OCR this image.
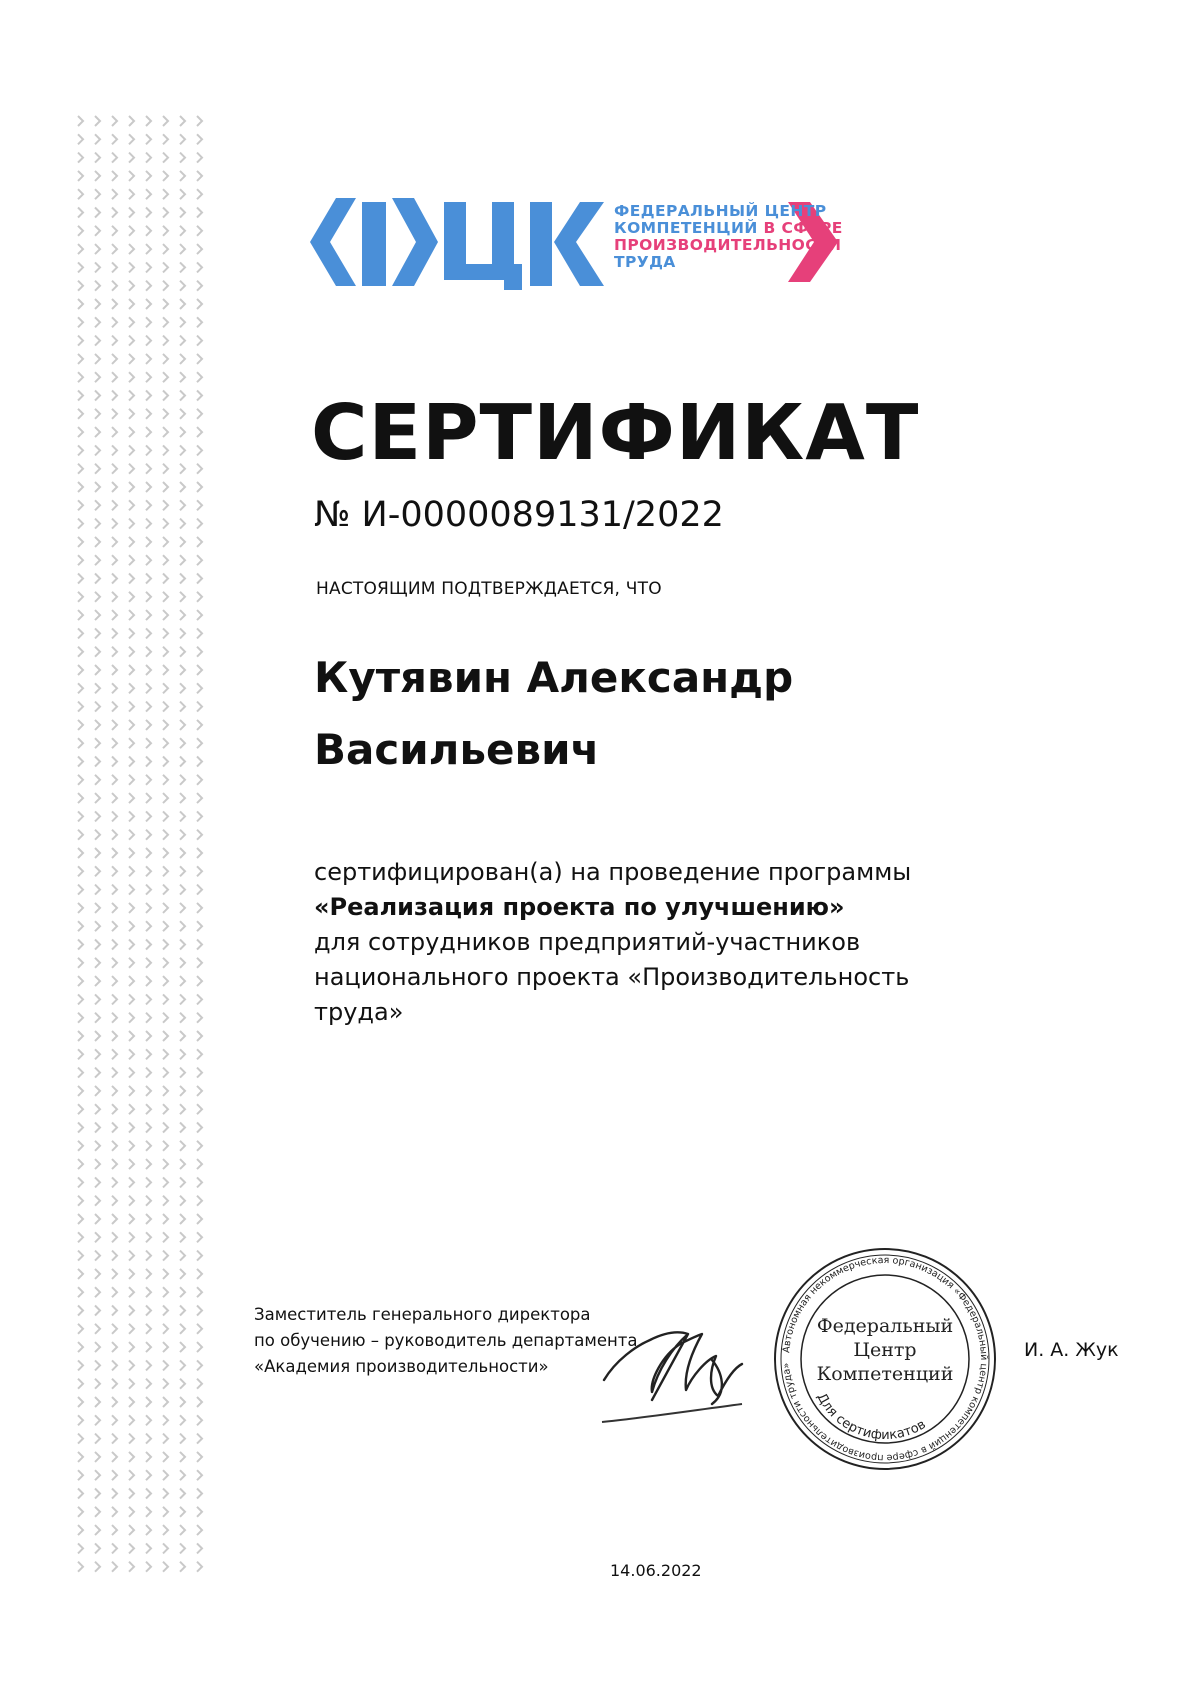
ФЕДЕРАЛЬНЫЙ ЦЕНТР
КОМПЕТЕНЦИЙ В СФЕРЕ
ПРОИЗВОДИТЕЛЬНОСТИ
ТРУДА
СЕРТИФИКАТ
№ И-0000089131/2022
НАСТОЯЩИМ ПОДТВЕРЖДАЕТСЯ, ЧТО
Кутявин Александр
Васильевич
сертифицирован(а) на проведение программы
«Реализация проекта по улучшению»
для сотрудников предприятий-участников
национального проекта «Производительность
труда»
Заместитель генерального директора
по обучению – руководитель департамента
«Академия производительности»
Автономная некоммерческая организация «Федеральный центр компетенций в сфере производительности труда»
Для сертификатов
Федеральный
Центр
Компетенций
И. А. Жук
14.06.2022
